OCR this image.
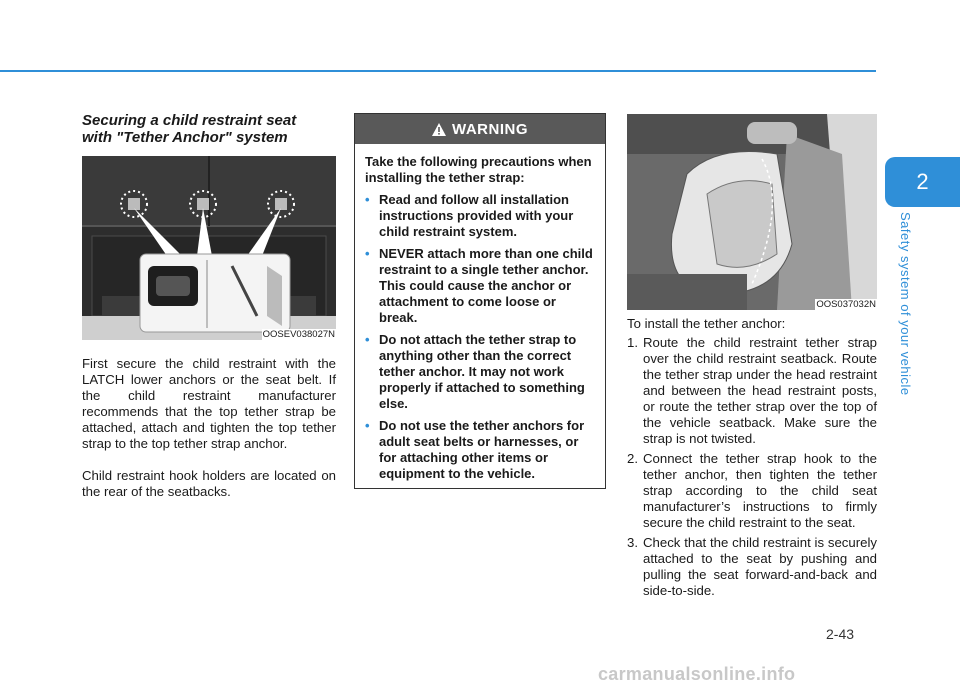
2
Safety system of your vehicle
Securing a child restraint seat
with "Tether Anchor" system
OOSEV038027N

First secure the child restraint with the LATCH lower anchors or the seat belt. If the child restraint manufacturer recommends that the top tether strap be attached, attach and tighten the top tether strap to the top tether strap anchor.

Child restraint hook holders are located on the rear of the seatbacks.

WARNING

Take the following precautions when installing the tether strap:

• Read and follow all installation instructions provided with your child restraint system.
• NEVER attach more than one child restraint to a single tether anchor. This could cause the anchor or attachment to come loose or break.
• Do not attach the tether strap to anything other than the correct tether anchor. It may not work properly if attached to something else.
• Do not use the tether anchors for adult seat belts or harnesses, or for attaching other items or equipment to the vehicle.
OOS037032N

To install the tether anchor:

1. Route the child restraint tether strap over the child restraint seatback. Route the tether strap under the head restraint and between the head restraint posts, or route the tether strap over the top of the vehicle seatback. Make sure the strap is not twisted.
2. Connect the tether strap hook to the tether anchor, then tighten the tether strap according to the child seat manufacturer’s instructions to firmly secure the child restraint to the seat.
3. Check that the child restraint is securely attached to the seat by pushing and pulling the seat forward-and-back and side-to-side.
2-43
carmanualsonline.info
